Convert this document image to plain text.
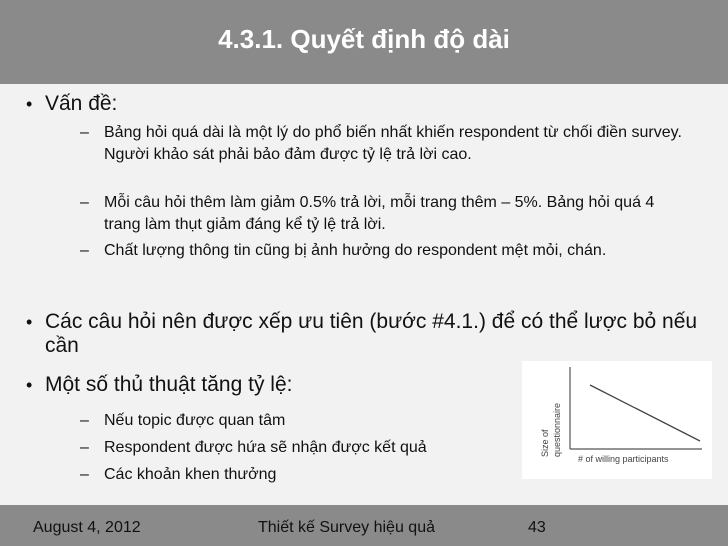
4.3.1. Quyết định độ dài
• Vấn đề:
– Bảng hỏi quá dài là một lý do phổ biến nhất khiến respondent từ chối điền survey. Người khảo sát phải bảo đảm được tỷ lệ trả lời cao.
– Mỗi câu hỏi thêm làm giảm 0.5% trả lời, mỗi trang thêm – 5%. Bảng hỏi quá 4 trang làm thụt giảm đáng kể tỷ lệ trả lời.
– Chất lượng thông tin cũng bị ảnh hưởng do respondent mệt mỏi, chán.
• Các câu hỏi nên được xếp ưu tiên (bước #4.1.) để có thể lược bỏ nếu cần
• Một số thủ thuật tăng tỷ lệ:
– Nếu topic được quan tâm
– Respondent được hứa sẽ nhận được kết quả
– Các khoản khen thưởng
Size of questionnaire
# of willing participants
August 4, 2012	Thiết kế Survey hiệu quả	43
